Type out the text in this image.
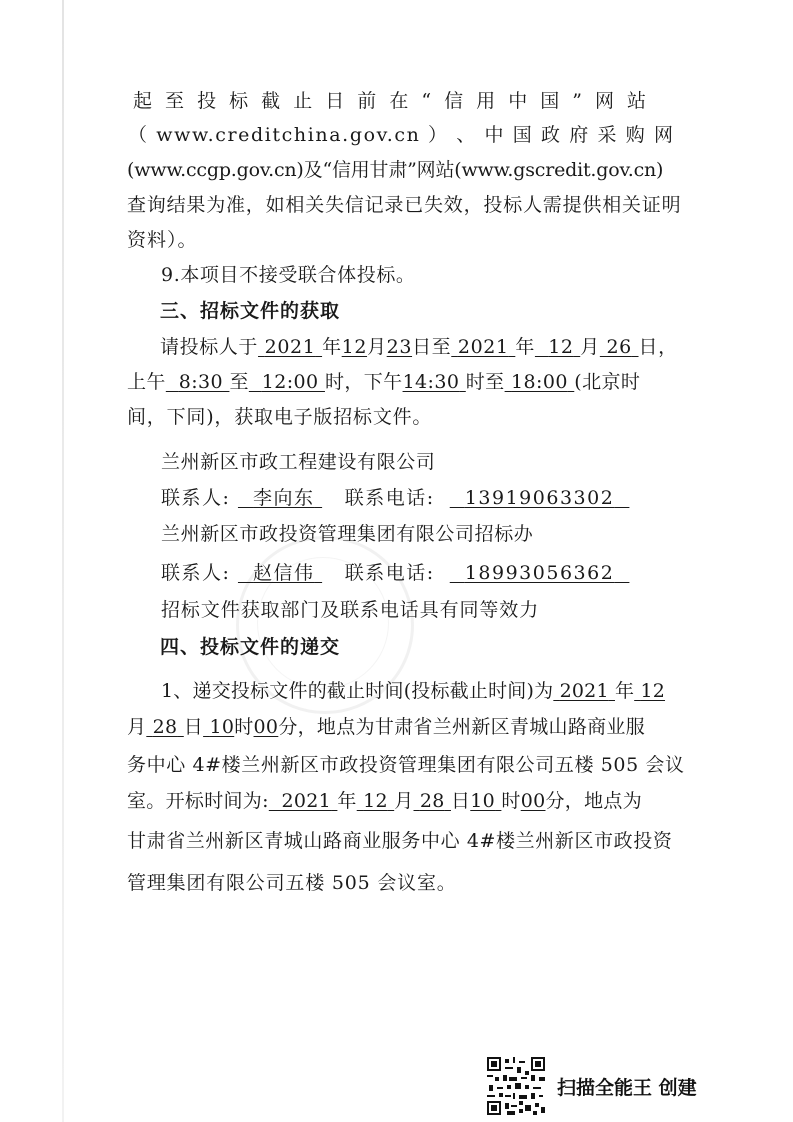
起 至 投 标 截 止 日 前 在 “ 信 用 中 国 ” 网 站
（ www.creditchina.gov.cn ） 、 中 国 政 府 采 购 网
(www.ccgp.gov.cn)及“信用甘肃”网站(www.gscredit.gov.cn)
查询结果为准，如相关失信记录已失效，投标人需提供相关证明
资料）。
9.本项目不接受联合体投标。
三、招标文件的获取
请投标人于 2021 年12月23日至 2021 年 12 月 26 日，
上午 8:30 至 12:00 时，下午14:30 时至 18:00 (北京时
间，下同)，获取电子版招标文件。
兰州新区市政工程建设有限公司
联系人: 李向东 联系电话: 13919063302
兰州新区市政投资管理集团有限公司招标办
联系人: 赵信伟 联系电话: 18993056362
招标文件获取部门及联系电话具有同等效力
四、投标文件的递交
1、递交投标文件的截止时间(投标截止时间)为 2021 年 12
月 28 日 10时00分，地点为甘肃省兰州新区青城山路商业服
务中心 4#楼兰州新区市政投资管理集团有限公司五楼 505 会议
室。开标时间为: 2021 年 12 月 28 日10 时00分，地点为
甘肃省兰州新区青城山路商业服务中心 4#楼兰州新区市政投资
管理集团有限公司五楼 505 会议室。
扫描全能王 创建
